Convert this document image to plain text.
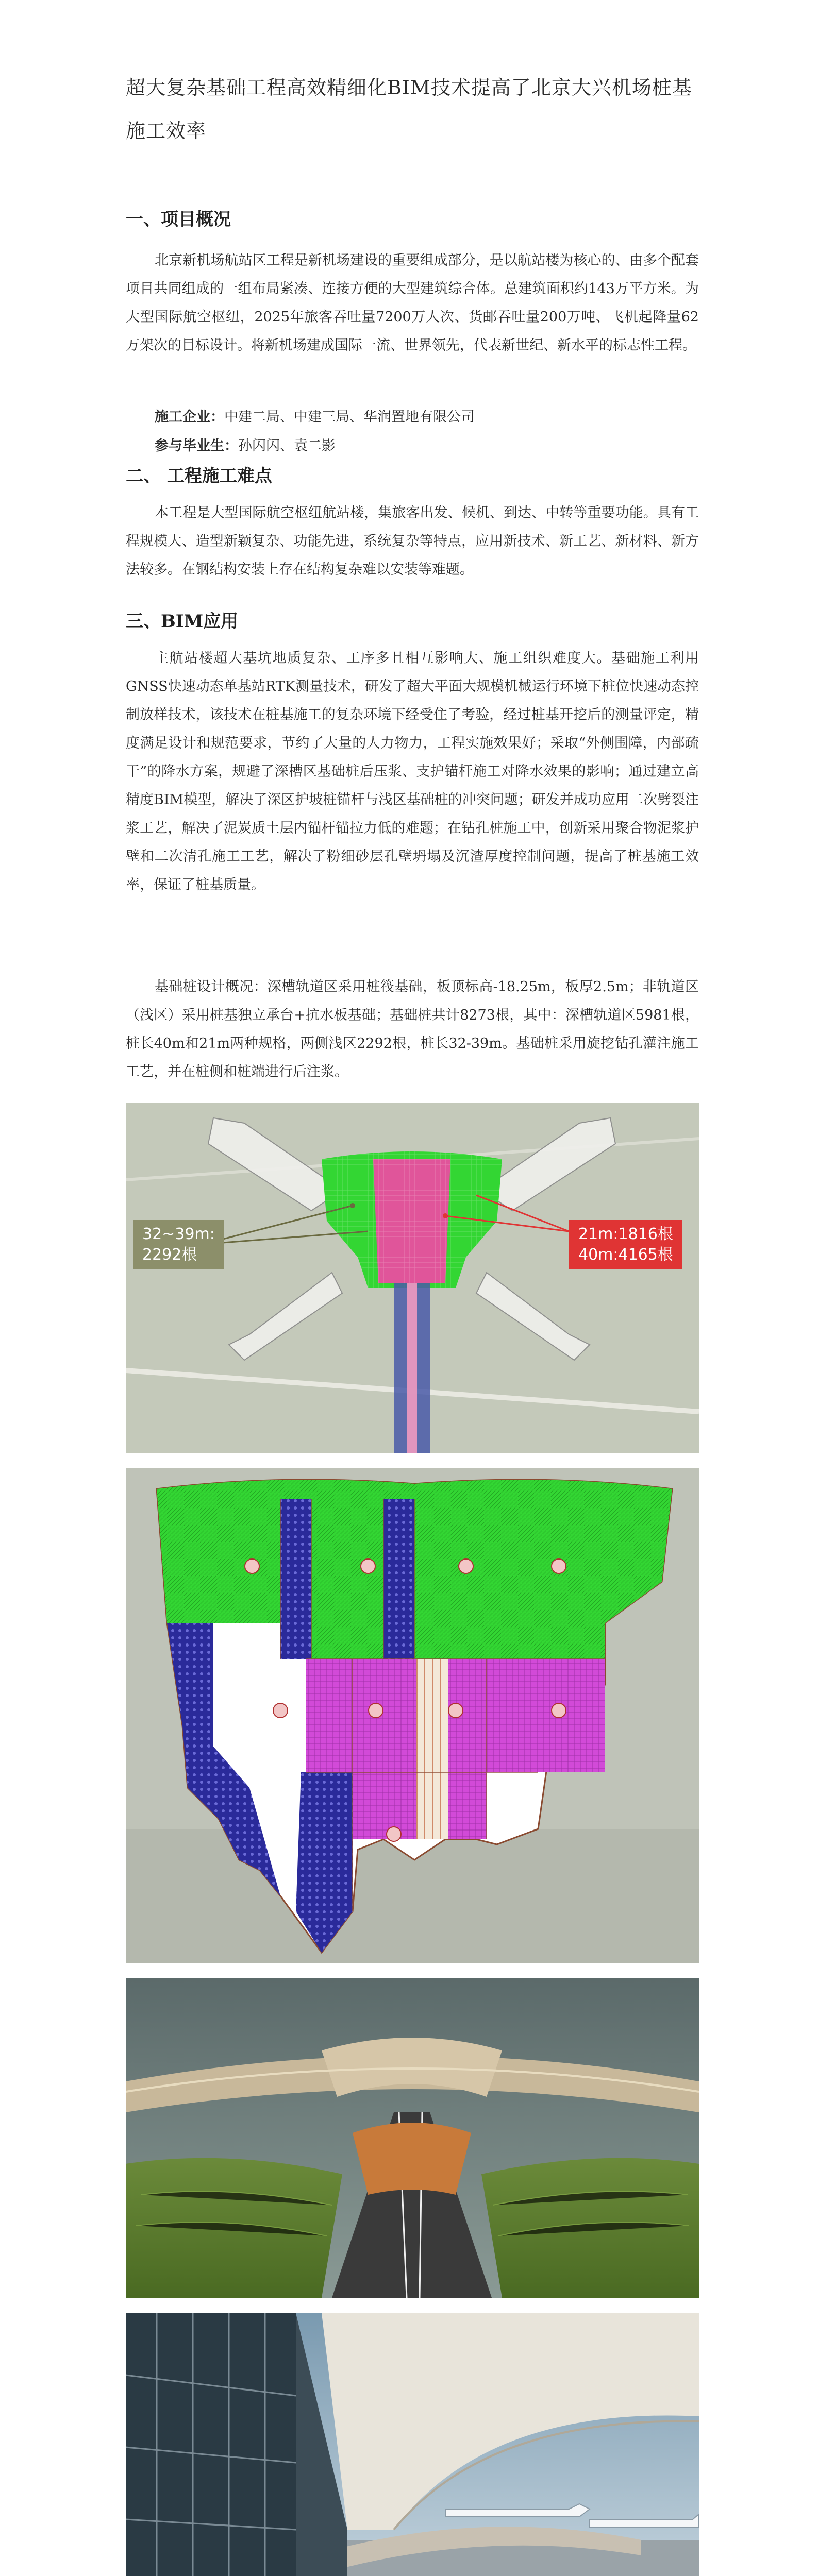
超大复杂基础工程高效精细化BIM技术提高了北京大兴机场桩基施工效率
一、项目概况
北京新机场航站区工程是新机场建设的重要组成部分，是以航站楼为核心的、由多个配套项目共同组成的一组布局紧凑、连接方便的大型建筑综合体。总建筑面积约143万平方米。为大型国际航空枢纽，2025年旅客吞吐量7200万人次、货邮吞吐量200万吨、飞机起降量62万架次的目标设计。将新机场建成国际一流、世界领先，代表新世纪、新水平的标志性工程。
施工企业：中建二局、中建三局、华润置地有限公司
参与毕业生：孙闪闪、袁二影
二、 工程施工难点
本工程是大型国际航空枢纽航站楼，集旅客出发、候机、到达、中转等重要功能。具有工程规模大、造型新颖复杂、功能先进，系统复杂等特点，应用新技术、新工艺、新材料、新方法较多。在钢结构安装上存在结构复杂难以安装等难题。
三、BIM应用
主航站楼超大基坑地质复杂、工序多且相互影响大、施工组织难度大。基础施工利用GNSS快速动态单基站RTK测量技术，研发了超大平面大规模机械运行环境下桩位快速动态控制放样技术，该技术在桩基施工的复杂环境下经受住了考验，经过桩基开挖后的测量评定，精度满足设计和规范要求，节约了大量的人力物力，工程实施效果好；采取“外侧围障，内部疏干”的降水方案，规避了深槽区基础桩后压浆、支护锚杆施工对降水效果的影响；通过建立高精度BIM模型，解决了深区护坡桩锚杆与浅区基础桩的冲突问题；研发并成功应用二次劈裂注浆工艺，解决了泥炭质土层内锚杆锚拉力低的难题；在钻孔桩施工中，创新采用聚合物泥浆护壁和二次清孔施工工艺，解决了粉细砂层孔壁坍塌及沉渣厚度控制问题，提高了桩基施工效率，保证了桩基质量。
基础桩设计概况：深槽轨道区采用桩筏基础，板顶标高-18.25m，板厚2.5m；非轨道区（浅区）采用桩基独立承台+抗水板基础；基础桩共计8273根，其中：深槽轨道区5981根，桩长40m和21m两种规格，两侧浅区2292根，桩长32-39m。基础桩采用旋挖钻孔灌注施工工艺，并在桩侧和桩端进行后注浆。
32~39m:
2292根
21m:1816根
40m:4165根
